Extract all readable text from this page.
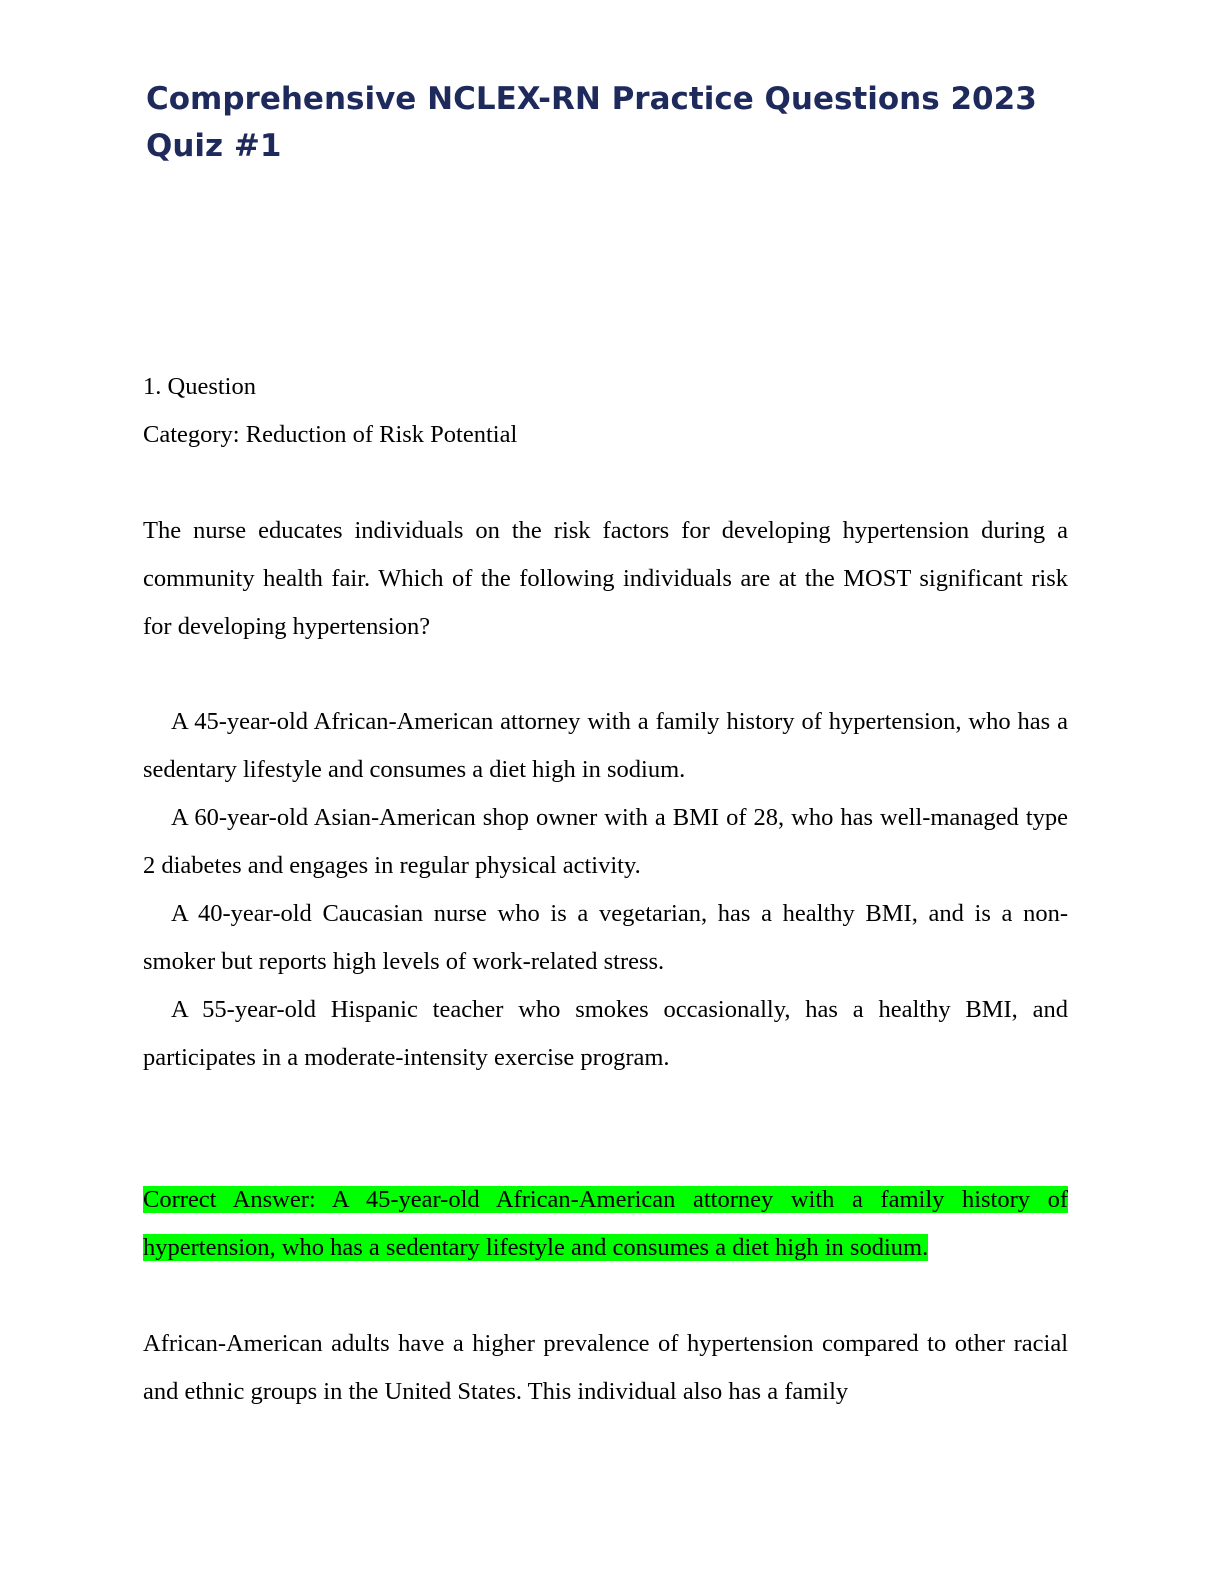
Comprehensive NCLEX-RN Practice Questions 2023 Quiz #1

1. Question

Category: Reduction of Risk Potential

The nurse educates individuals on the risk factors for developing hypertension during a community health fair. Which of the following individuals are at the MOST significant risk for developing hypertension?

A 45-year-old African-American attorney with a family history of hypertension, who has a sedentary lifestyle and consumes a diet high in sodium.

A 60-year-old Asian-American shop owner with a BMI of 28, who has well-managed type 2 diabetes and engages in regular physical activity.

A 40-year-old Caucasian nurse who is a vegetarian, has a healthy BMI, and is a non-smoker but reports high levels of work-related stress.

A 55-year-old Hispanic teacher who smokes occasionally, has a healthy BMI, and participates in a moderate-intensity exercise program.

Correct Answer: A 45-year-old African-American attorney with a family history of hypertension, who has a sedentary lifestyle and consumes a diet high in sodium.

African-American adults have a higher prevalence of hypertension compared to other racial and ethnic groups in the United States. This individual also has a family
